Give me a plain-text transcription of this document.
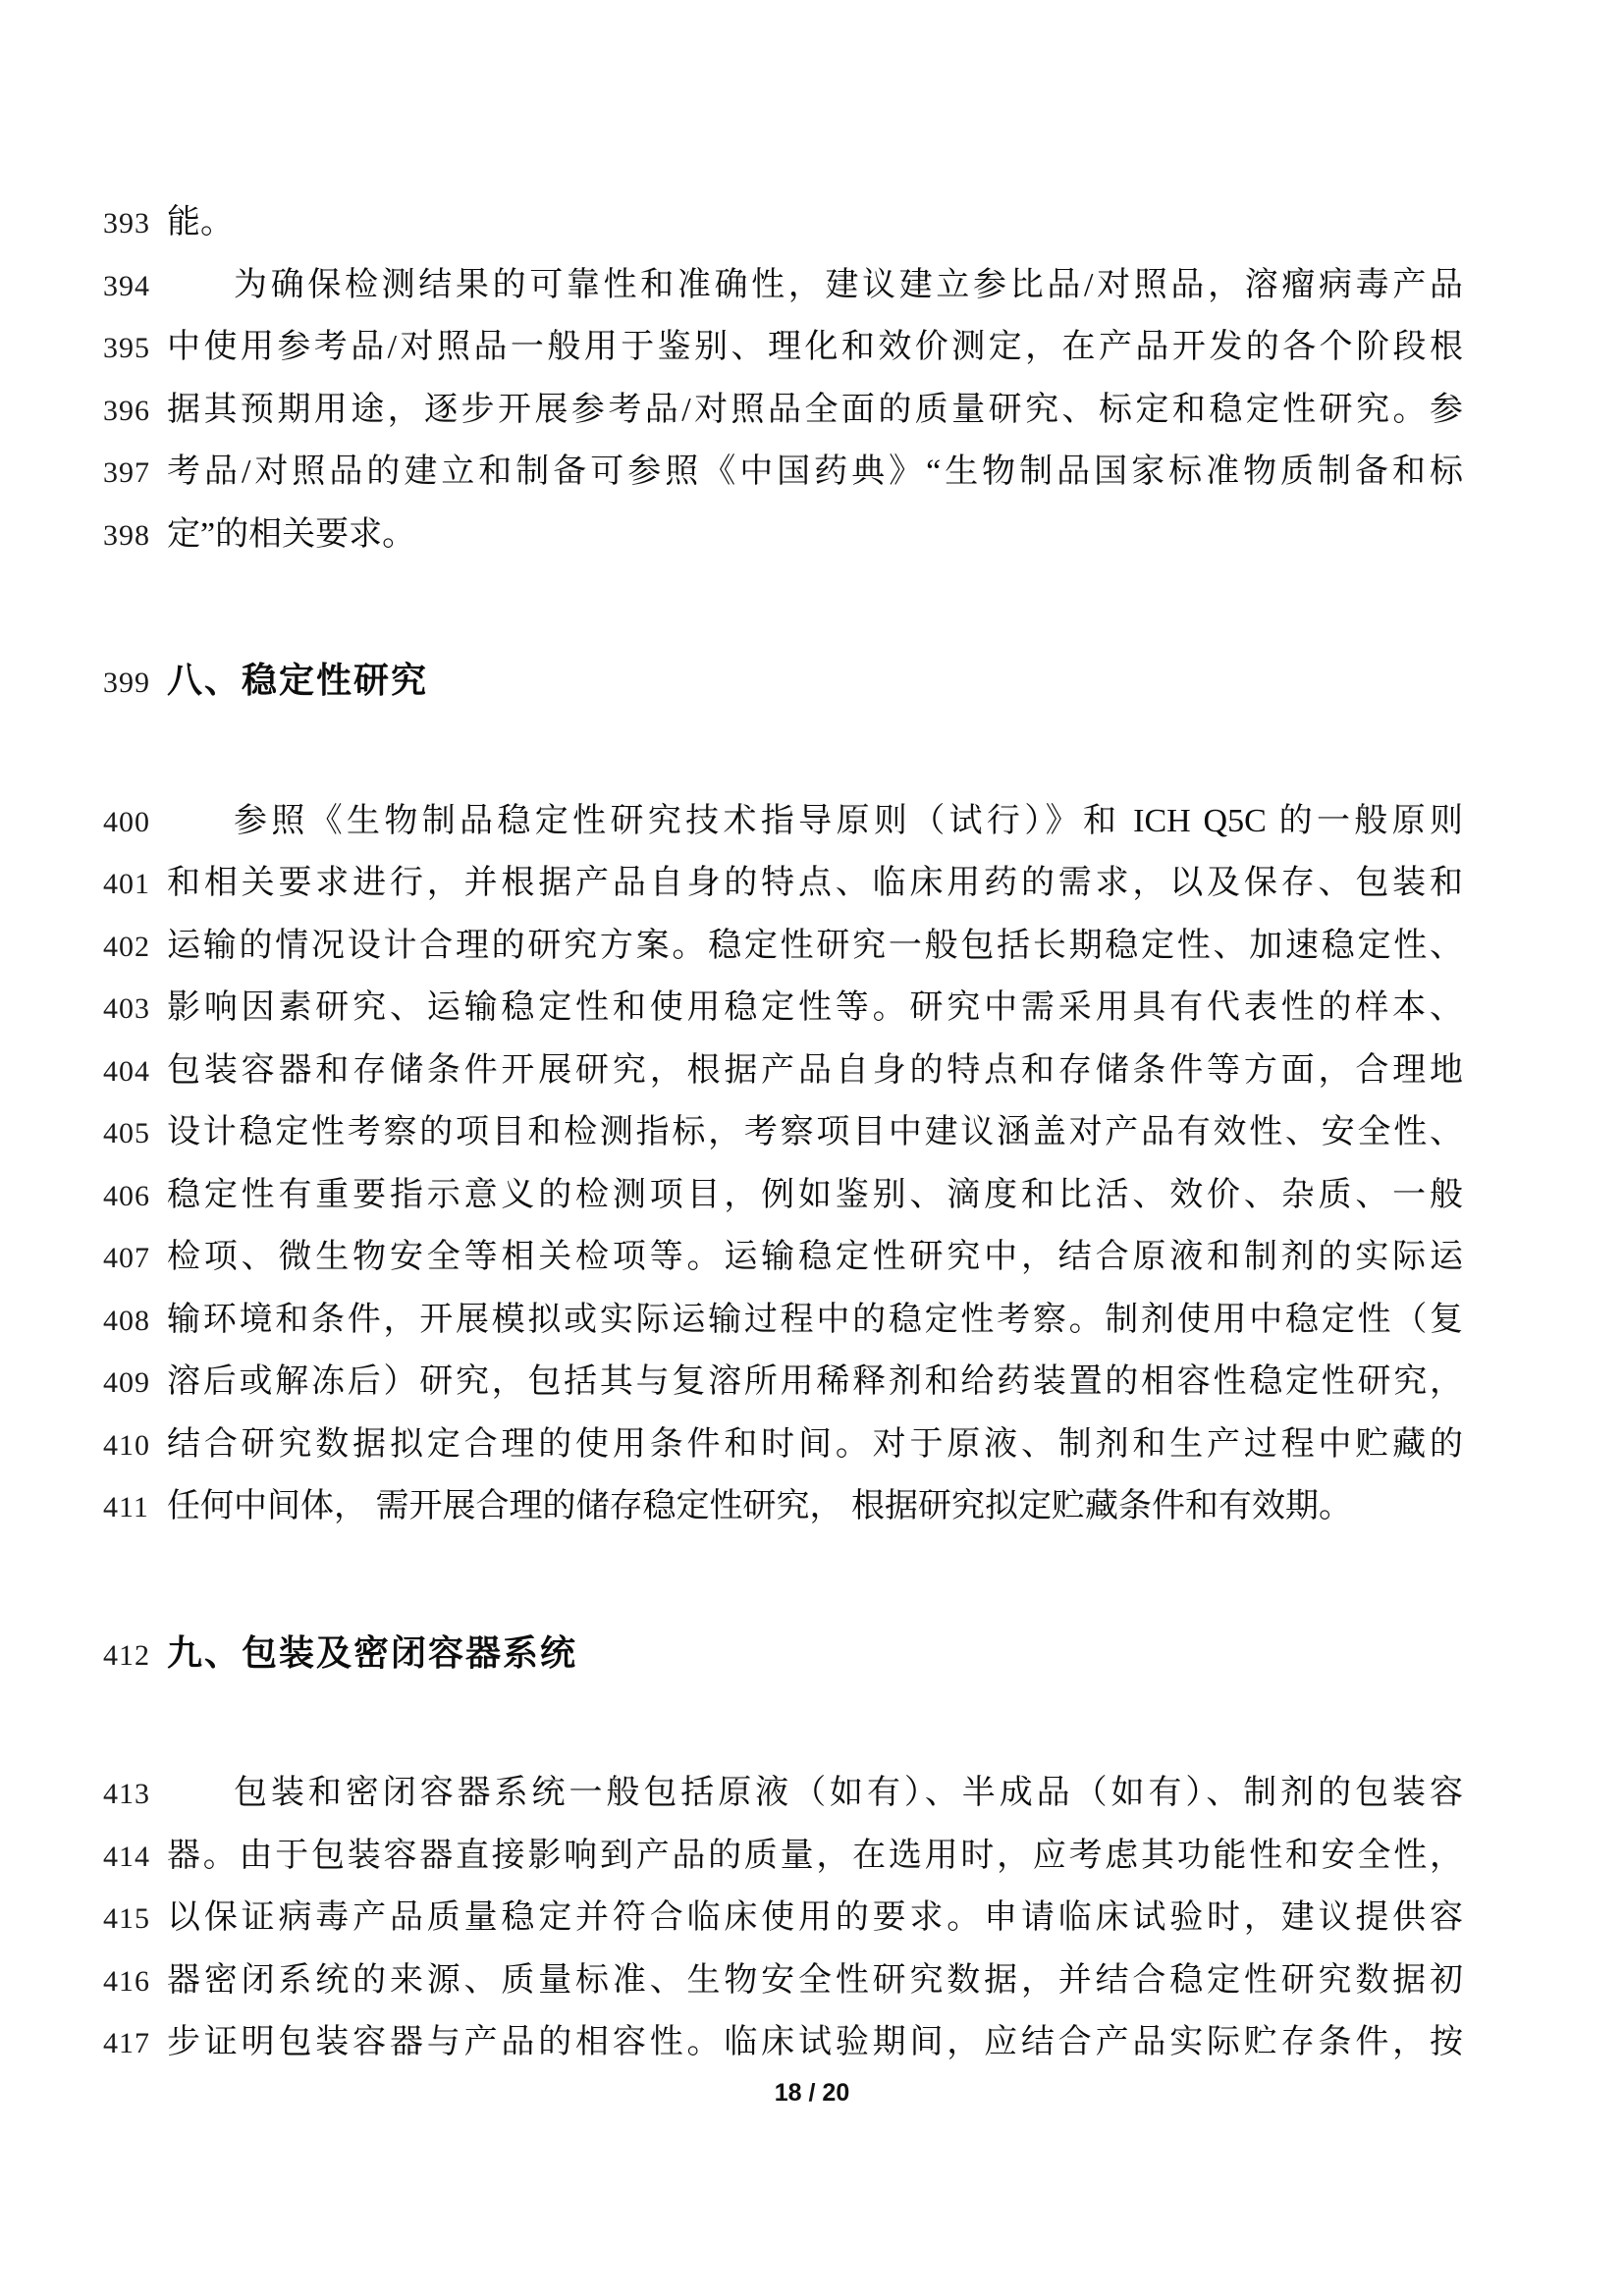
393 能。
394	为确保检测结果的可靠性和准确性，建议建立参比品/对照品，溶瘤病毒产品
395 中使用参考品/对照品一般用于鉴别、理化和效价测定，在产品开发的各个阶段根
396 据其预期用途，逐步开展参考品/对照品全面的质量研究、标定和稳定性研究。参
397 考品/对照品的建立和制备可参照《中国药典》“生物制品国家标准物质制备和标
398 定”的相关要求。
399 八、稳定性研究
400	参照《生物制品稳定性研究技术指导原则（试行）》和 ICH Q5C 的一般原则
401 和相关要求进行，并根据产品自身的特点、临床用药的需求，以及保存、包装和
402 运输的情况设计合理的研究方案。稳定性研究一般包括长期稳定性、加速稳定性、
403 影响因素研究、运输稳定性和使用稳定性等。研究中需采用具有代表性的样本、
404 包装容器和存储条件开展研究，根据产品自身的特点和存储条件等方面，合理地
405 设计稳定性考察的项目和检测指标，考察项目中建议涵盖对产品有效性、安全性、
406 稳定性有重要指示意义的检测项目，例如鉴别、滴度和比活、效价、杂质、一般
407 检项、微生物安全等相关检项等。运输稳定性研究中，结合原液和制剂的实际运
408 输环境和条件，开展模拟或实际运输过程中的稳定性考察。制剂使用中稳定性（复
409 溶后或解冻后）研究，包括其与复溶所用稀释剂和给药装置的相容性稳定性研究，
410 结合研究数据拟定合理的使用条件和时间。对于原液、制剂和生产过程中贮藏的
411 任何中间体， 需开展合理的储存稳定性研究， 根据研究拟定贮藏条件和有效期。
412 九、包装及密闭容器系统
413	包装和密闭容器系统一般包括原液（如有）、半成品（如有）、制剂的包装容
414 器。由于包装容器直接影响到产品的质量，在选用时，应考虑其功能性和安全性，
415 以保证病毒产品质量稳定并符合临床使用的要求。申请临床试验时，建议提供容
416 器密闭系统的来源、质量标准、生物安全性研究数据，并结合稳定性研究数据初
417 步证明包装容器与产品的相容性。临床试验期间，应结合产品实际贮存条件，按
18 / 20
